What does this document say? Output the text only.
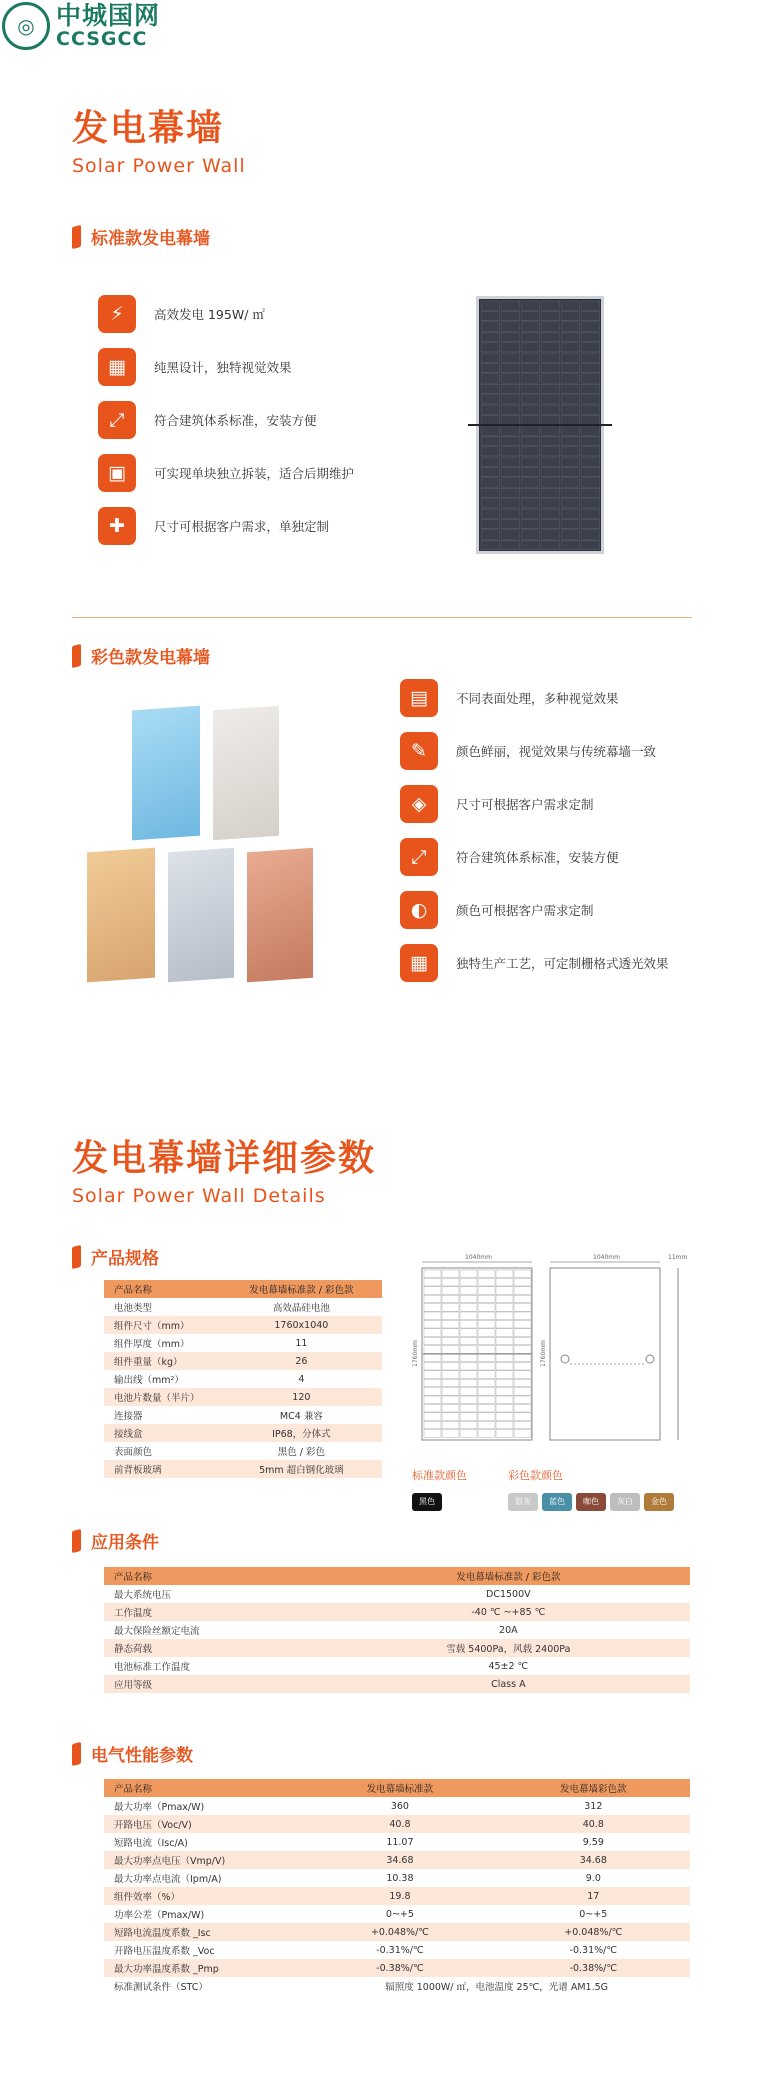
◎ 中城国网
CCSGCC
发电幕墙
Solar Power Wall
标准款发电幕墙
⚡	高效发电 195W/ ㎡
▦	纯黑设计，独特视觉效果
⤢	符合建筑体系标准，安装方便
▣	可实现单块独立拆装，适合后期维护
✚	尺寸可根据客户需求，单独定制
彩色款发电幕墙
▤	不同表面处理，多种视觉效果
✎	颜色鲜丽，视觉效果与传统幕墙一致
◈	尺寸可根据客户需求定制
⤢	符合建筑体系标准，安装方便
◐	颜色可根据客户需求定制
▦	独特生产工艺，可定制栅格式透光效果
发电幕墙详细参数
Solar Power Wall Details
产品规格
产品名称	发电幕墙标准款 / 彩色款
电池类型	高效晶硅电池
组件尺寸（mm）	1760x1040
组件厚度（mm）	11
组件重量（kg）	26
输出线（mm²）	4
电池片数量（半片）	120
连接器	MC4 兼容
接线盒	IP68，分体式
表面颜色	黑色 / 彩色
前背板玻璃	5mm 超白钢化玻璃
1040mm	1040mm	11mm
1760mm	1760mm
标准款颜色	彩色款颜色
黑色	银灰 蓝色 咖色 灰白 金色
应用条件
产品名称	发电幕墙标准款 / 彩色款
最大系统电压	DC1500V
工作温度	-40 ℃ ~+85 ℃
最大保险丝额定电流	20A
静态荷载	雪载 5400Pa，风载 2400Pa
电池标准工作温度	45±2 ℃
应用等级	Class A
电气性能参数
产品名称	发电幕墙标准款	发电幕墙彩色款
最大功率（Pmax/W)	360	312
开路电压（Voc/V)	40.8	40.8
短路电流（Isc/A)	11.07	9.59
最大功率点电压（Vmp/V)	34.68	34.68
最大功率点电流（Ipm/A)	10.38	9.0
组件效率（%）	19.8	17
功率公差（Pmax/W)	0~+5	0~+5
短路电流温度系数 _Isc	+0.048%/℃	+0.048%/℃
开路电压温度系数 _Voc	-0.31%/℃	-0.31%/℃
最大功率温度系数 _Pmp	-0.38%/℃	-0.38%/℃
标准测试条件（STC）	辐照度 1000W/ ㎡，电池温度 25℃，光谱 AM1.5G	
